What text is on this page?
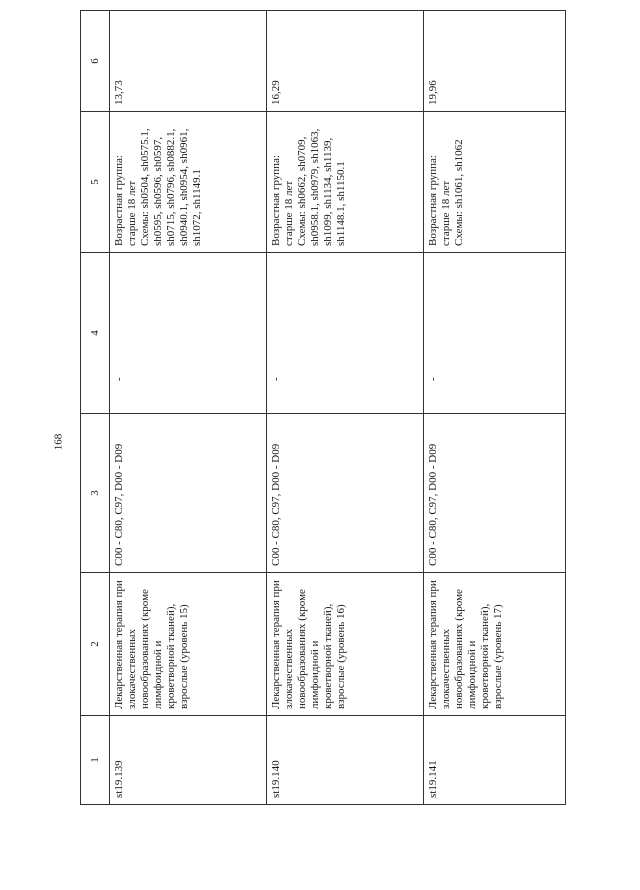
168
1	2	3	4	5	6
st19.139	Лекарственная терапия при злокачественных новообразованиях (кроме лимфоидной и кроветворной тканей), взрослые (уровень 15)	C00 - C80, C97, D00 - D09	-	Возрастная группа:
старше 18 лет
Схемы: sh0504, sh0575.1, sh0595, sh0596, sh0597, sh0715, sh0796, sh0882.1, sh0940.1, sh0954, sh0961, sh1072, sh1149.1	13,73
st19.140	Лекарственная терапия при злокачественных новообразованиях (кроме лимфоидной и кроветворной тканей), взрослые (уровень 16)	C00 - C80, C97, D00 - D09	-	Возрастная группа:
старше 18 лет
Схемы: sh0662, sh0709, sh0958.1, sh0979, sh1063, sh1099, sh1134, sh1139, sh1148.1, sh1150.1	16,29
st19.141	Лекарственная терапия при злокачественных новообразованиях (кроме лимфоидной и кроветворной тканей), взрослые (уровень 17)	C00 - C80, C97, D00 - D09	-	Возрастная группа:
старше 18 лет
Схемы: sh1061, sh1062	19,96
